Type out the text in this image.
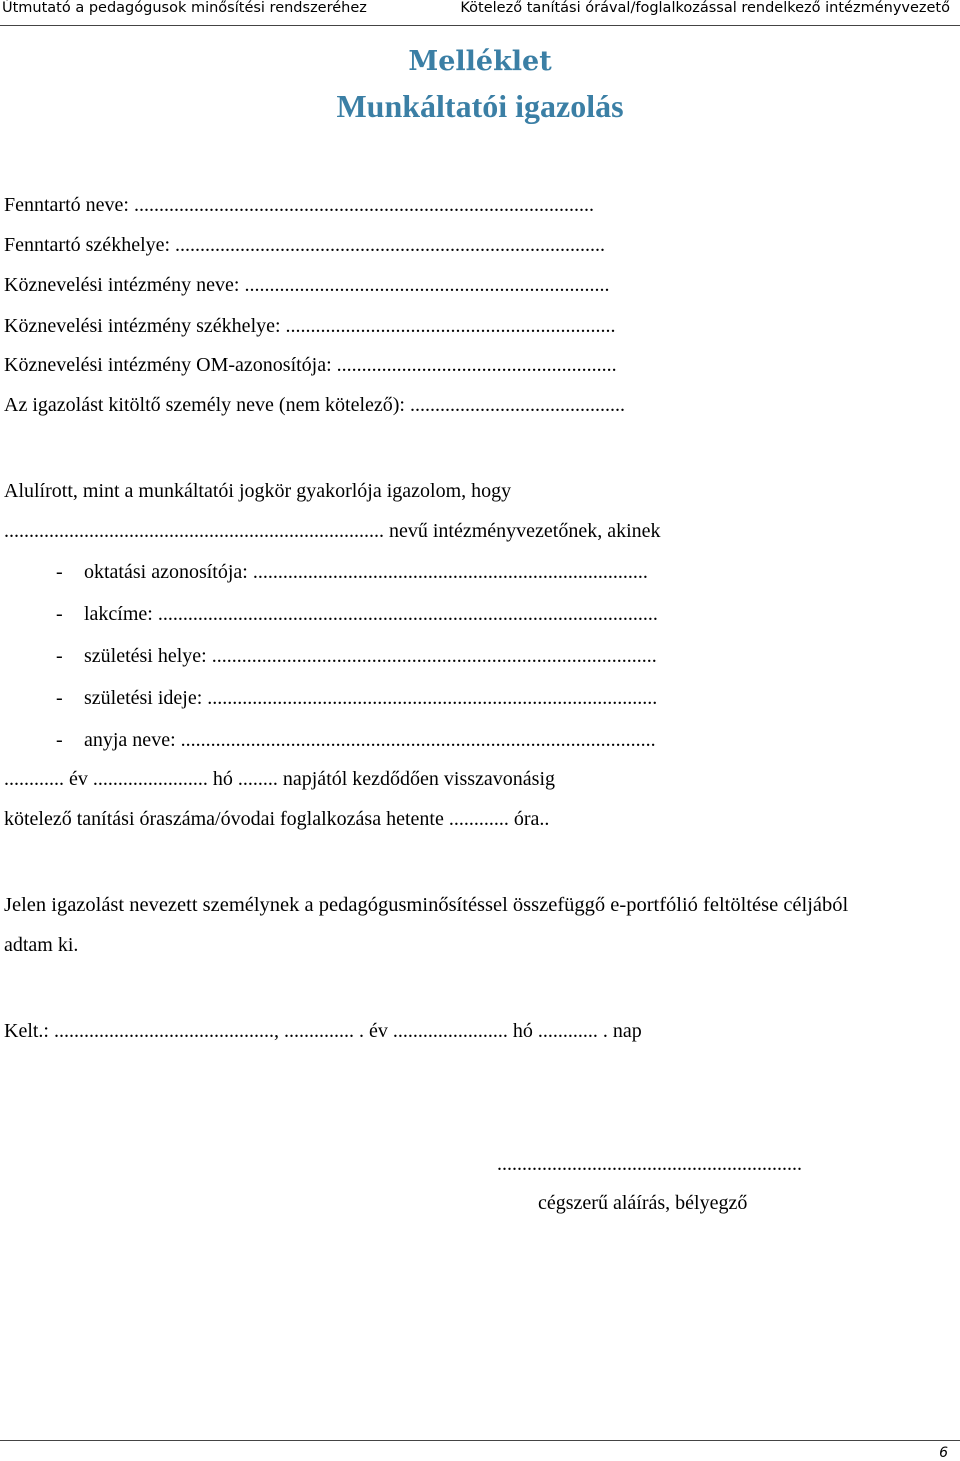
Útmutató a pedagógusok minősítési rendszeréhez	Kötelező tanítási órával/foglalkozással rendelkező intézményvezető
Melléklet
Munkáltatói igazolás
Fenntartó neve: ............................................................................................
Fenntartó székhelye: ......................................................................................
Köznevelési intézmény neve: .........................................................................
Köznevelési intézmény székhelye: ..................................................................
Köznevelési intézmény OM-azonosítója: ........................................................
Az igazolást kitöltő személy neve (nem kötelező): ...........................................
Alulírott, mint a munkáltatói jogkör gyakorlója igazolom, hogy
............................................................................ nevű intézményvezetőnek, akinek
- oktatási azonosítója: ...............................................................................
- lakcíme: ....................................................................................................
- születési helye: .........................................................................................
- születési ideje: ..........................................................................................
- anyja neve: ...............................................................................................
............ év ....................... hó ........ napjától kezdődően visszavonásig
kötelező tanítási óraszáma/óvodai foglalkozása hetente ............ óra..
Jelen igazolást nevezett személynek a pedagógusminősítéssel összefüggő e-portfólió feltöltése céljából
adtam ki.
Kelt.: ............................................, .............. . év ....................... hó ............ . nap
.............................................................
cégszerű aláírás, bélyegző
6
